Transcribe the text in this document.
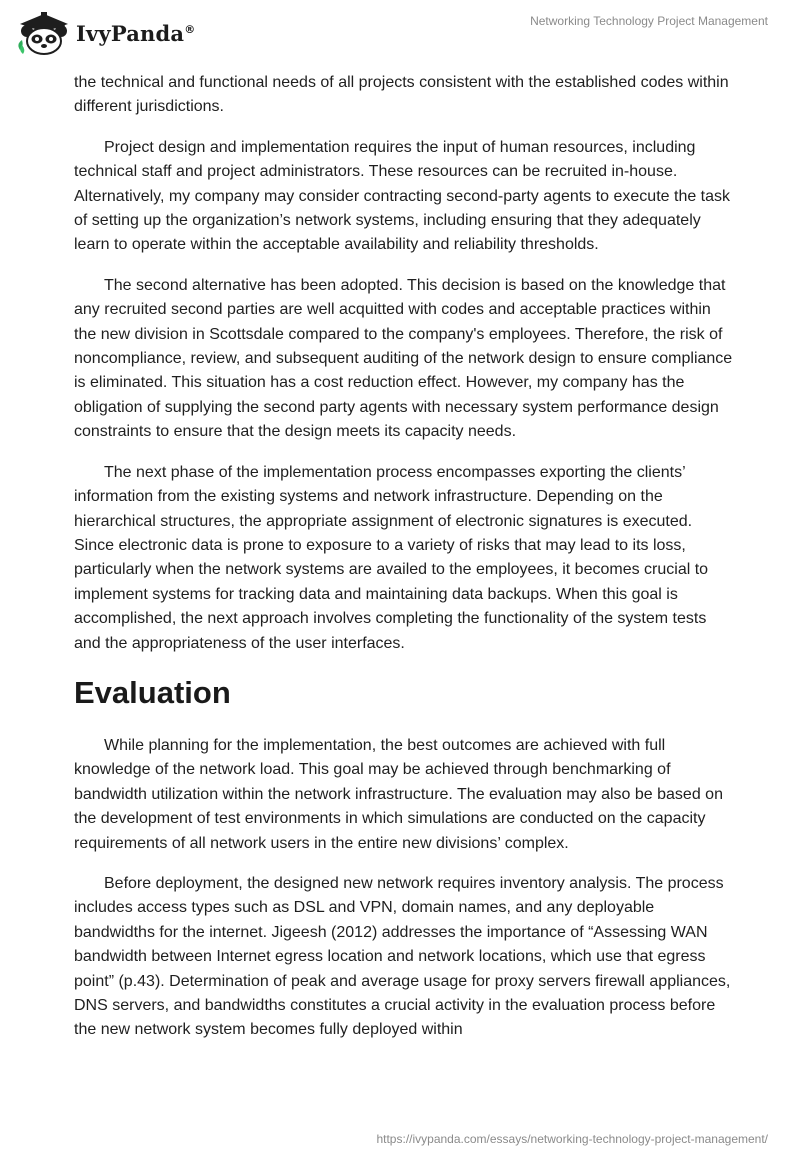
IvyPanda®
Networking Technology Project Management

the technical and functional needs of all projects consistent with the established codes within different jurisdictions.

Project design and implementation requires the input of human resources, including technical staff and project administrators. These resources can be recruited in-house. Alternatively, my company may consider contracting second-party agents to execute the task of setting up the organization’s network systems, including ensuring that they adequately learn to operate within the acceptable availability and reliability thresholds.

The second alternative has been adopted. This decision is based on the knowledge that any recruited second parties are well acquitted with codes and acceptable practices within the new division in Scottsdale compared to the company's employees. Therefore, the risk of noncompliance, review, and subsequent auditing of the network design to ensure compliance is eliminated. This situation has a cost reduction effect. However, my company has the obligation of supplying the second party agents with necessary system performance design constraints to ensure that the design meets its capacity needs.

The next phase of the implementation process encompasses exporting the clients’ information from the existing systems and network infrastructure. Depending on the hierarchical structures, the appropriate assignment of electronic signatures is executed. Since electronic data is prone to exposure to a variety of risks that may lead to its loss, particularly when the network systems are availed to the employees, it becomes crucial to implement systems for tracking data and maintaining data backups. When this goal is accomplished, the next approach involves completing the functionality of the system tests and the appropriateness of the user interfaces.

Evaluation

While planning for the implementation, the best outcomes are achieved with full knowledge of the network load. This goal may be achieved through benchmarking of bandwidth utilization within the network infrastructure. The evaluation may also be based on the development of test environments in which simulations are conducted on the capacity requirements of all network users in the entire new divisions’ complex.

Before deployment, the designed new network requires inventory analysis. The process includes access types such as DSL and VPN, domain names, and any deployable bandwidths for the internet. Jigeesh (2012) addresses the importance of “Assessing WAN bandwidth between Internet egress location and network locations, which use that egress point” (p.43). Determination of peak and average usage for proxy servers firewall appliances, DNS servers, and bandwidths constitutes a crucial activity in the evaluation process before the new network system becomes fully deployed within

https://ivypanda.com/essays/networking-technology-project-management/
